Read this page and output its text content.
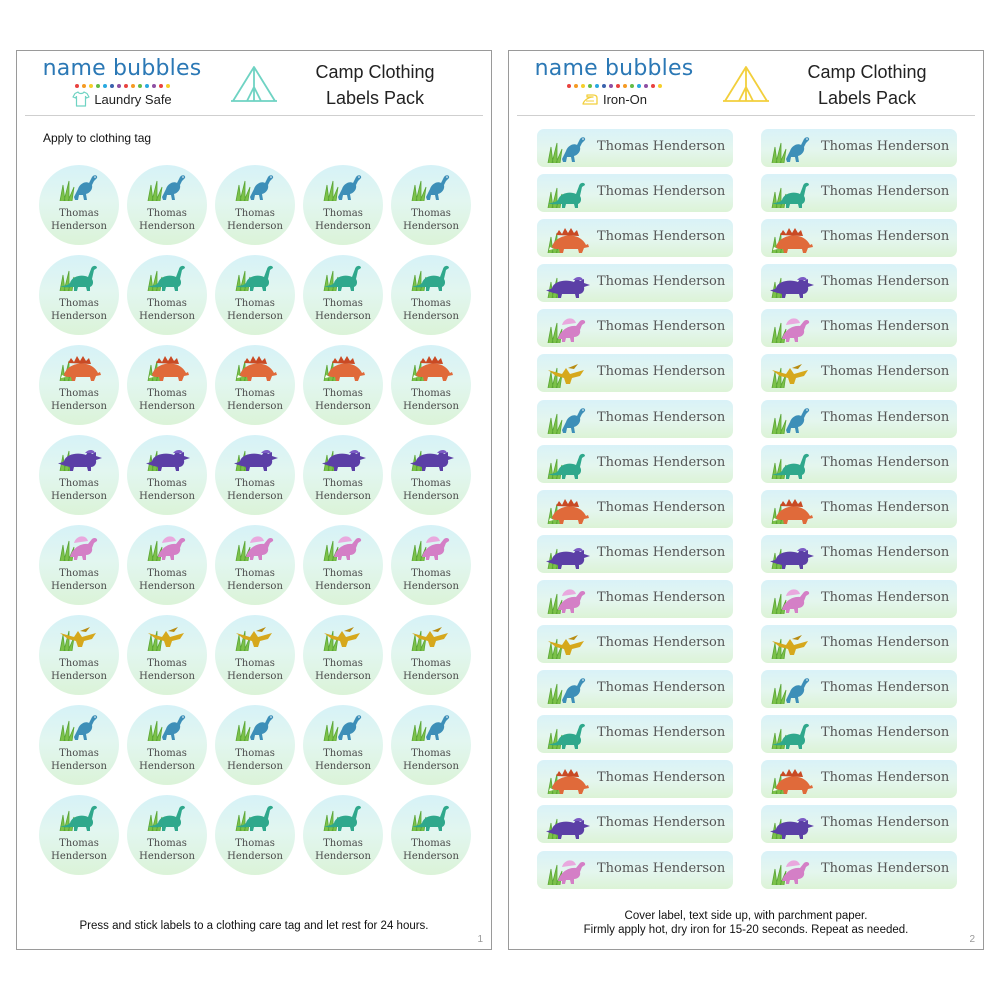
name bubbles
Laundry Safe
Camp Clothing
Labels Pack
Apply to clothing tag
Thomas
Henderson
Thomas
Henderson
Thomas
Henderson
Thomas
Henderson
Thomas
Henderson
Thomas
Henderson
Thomas
Henderson
Thomas
Henderson
Thomas
Henderson
Thomas
Henderson
Thomas
Henderson
Thomas
Henderson
Thomas
Henderson
Thomas
Henderson
Thomas
Henderson
Thomas
Henderson
Thomas
Henderson
Thomas
Henderson
Thomas
Henderson
Thomas
Henderson
Thomas
Henderson
Thomas
Henderson
Thomas
Henderson
Thomas
Henderson
Thomas
Henderson
Thomas
Henderson
Thomas
Henderson
Thomas
Henderson
Thomas
Henderson
Thomas
Henderson
Thomas
Henderson
Thomas
Henderson
Thomas
Henderson
Thomas
Henderson
Thomas
Henderson
Thomas
Henderson
Thomas
Henderson
Thomas
Henderson
Thomas
Henderson
Thomas
Henderson
Press and stick labels to a clothing care tag and let rest for 24 hours.
1
name bubbles
Iron-On
Camp Clothing
Labels Pack
Thomas Henderson	Thomas Henderson
Thomas Henderson	Thomas Henderson
Thomas Henderson	Thomas Henderson
Thomas Henderson	Thomas Henderson
Thomas Henderson	Thomas Henderson
Thomas Henderson	Thomas Henderson
Thomas Henderson	Thomas Henderson
Thomas Henderson	Thomas Henderson
Thomas Henderson	Thomas Henderson
Thomas Henderson	Thomas Henderson
Thomas Henderson	Thomas Henderson
Thomas Henderson	Thomas Henderson
Thomas Henderson	Thomas Henderson
Thomas Henderson	Thomas Henderson
Thomas Henderson	Thomas Henderson
Thomas Henderson	Thomas Henderson
Thomas Henderson	Thomas Henderson
Cover label, text side up, with parchment paper.
Firmly apply hot, dry iron for 15-20 seconds. Repeat as needed.
2
